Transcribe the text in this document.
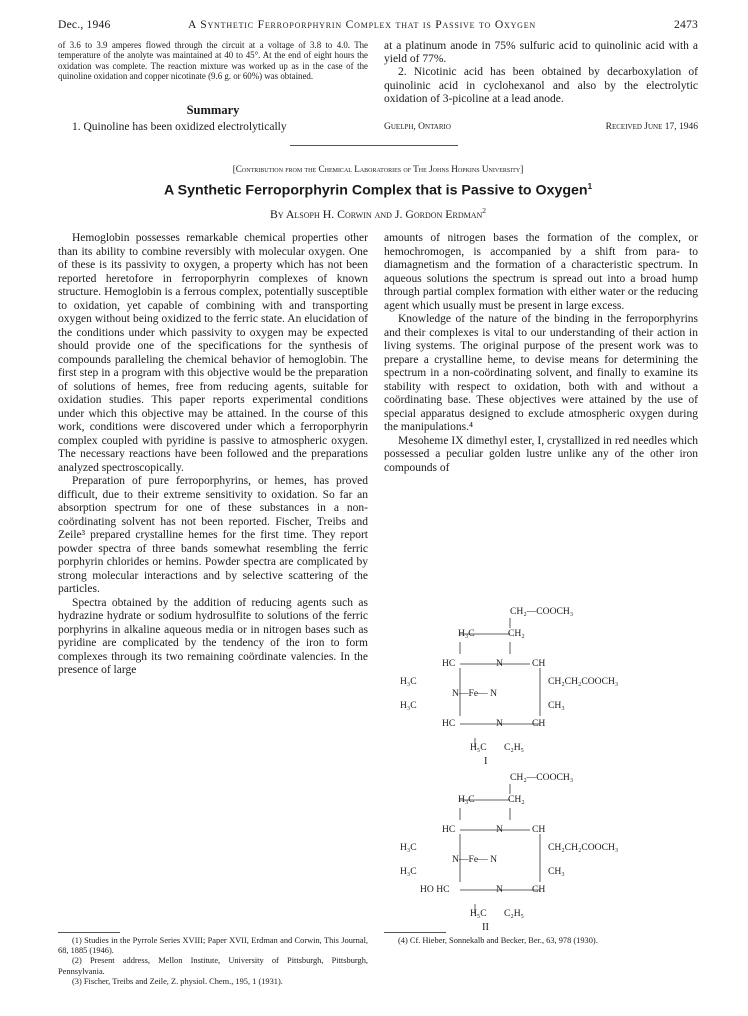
Dec., 1946	A Synthetic Ferroporphyrin Complex that is Passive to Oxygen	2473

of 3.6 to 3.9 amperes flowed through the circuit at a voltage of 3.8 to 4.0. The temperature of the anolyte was maintained at 40 to 45°. At the end of eight hours the oxidation was complete. The reaction mixture was worked up as in the case of the quinoline oxidation and copper nicotinate (9.6 g. or 60%) was obtained.

Summary

1. Quinoline has been oxidized electrolytically

at a platinum anode in 75% sulfuric acid to quinolinic acid with a yield of 77%.

2. Nicotinic acid has been obtained by decarboxylation of quinolinic acid in cyclohexanol and also by the electrolytic oxidation of 3-picoline at a lead anode.

Guelph, Ontario	Received June 17, 1946
[Contribution from the Chemical Laboratories of The Johns Hopkins University]
A Synthetic Ferroporphyrin Complex that is Passive to Oxygen$^1$
By Alsoph H. Corwin and J. Gordon Erdman$^2$

Hemoglobin possesses remarkable chemical properties other than its ability to combine reversibly with molecular oxygen. One of these is its passivity to oxygen, a property which has not been reported heretofore in ferroporphyrin complexes of known structure. Hemoglobin is a ferrous complex, potentially susceptible to oxidation, yet capable of combining with and transporting oxygen without being oxidized to the ferric state. An elucidation of the conditions under which passivity to oxygen may be expected should provide one of the specifications for the synthesis of compounds paralleling the chemical behavior of hemoglobin. The first step in a program with this objective would be the preparation of solutions of hemes, free from reducing agents, suitable for oxidation studies. This paper reports experimental conditions under which this objective may be attained. In the course of this work, conditions were discovered under which a ferroporphyrin complex coupled with pyridine is passive to atmospheric oxygen. The necessary reactions have been followed and the preparations analyzed spectroscopically.

Preparation of pure ferroporphyrins, or hemes, has proved difficult, due to their extreme sensitivity to oxidation. So far an absorption spectrum for one of these substances in a non-coördinating solvent has not been reported. Fischer, Treibs and Zeile³ prepared crystalline hemes for the first time. They report powder spectra of three bands somewhat resembling the ferric porphyrin chlorides or hemins. Powder spectra are complicated by strong molecular interactions and by selective scattering of the particles.

Spectra obtained by the addition of reducing agents such as hydrazine hydrate or sodium hydrosulfite to solutions of the ferric porphyrins in alkaline aqueous media or in nitrogen bases such as pyridine are complicated by the tendency of the iron to form complexes through its two remaining coördinate valencies. In the presence of large

(1) Studies in the Pyrrole Series XVIII; Paper XVII, Erdman and Corwin, This Journal, 68, 1885 (1946).

(2) Present address, Mellon Institute, University of Pittsburgh, Pittsburgh, Pennsylvania.

(3) Fischer, Treibs and Zeile, Z. physiol. Chem., 195, 1 (1931).

amounts of nitrogen bases the formation of the complex, or hemochromogen, is accompanied by a shift from para- to diamagnetism and the formation of a characteristic spectrum. In aqueous solutions the spectrum is spread out into a broad hump through partial complex formation with either water or the reducing agent which usually must be present in large excess.

Knowledge of the nature of the binding in the ferroporphyrins and their complexes is vital to our understanding of their action in living systems. The original purpose of the present work was to prepare a crystalline heme, to devise means for determining the spectrum in a non-coördinating solvent, and finally to examine its stability with respect to oxidation, both with and without a coördinating base. These objectives were attained by the use of special apparatus designed to exclude atmospheric oxygen during the manipulations.⁴

Mesoheme IX dimethyl ester, I, crystallized in red needles which possessed a peculiar golden lustre unlike any of the other iron compounds of

CH₂—COOCH₃
H₃C	CH₂
HC	N	CH
H₃C	CH₂CH₂COOCH₃
N—Fe— N
H₃C	CH₃
HC	N	CH
H₅C C₂H₅
I
CH₂—COOCH₃
H₃C	CH₂
HC	N	CH
H₃C	CH₂CH₂COOCH₃
N—Fe— N
H₃C	CH₃
HO HC	N	CH
H₅C C₂H₅
II

(4) Cf. Hieber, Sonnekalb and Becker, Ber., 63, 978 (1930).
